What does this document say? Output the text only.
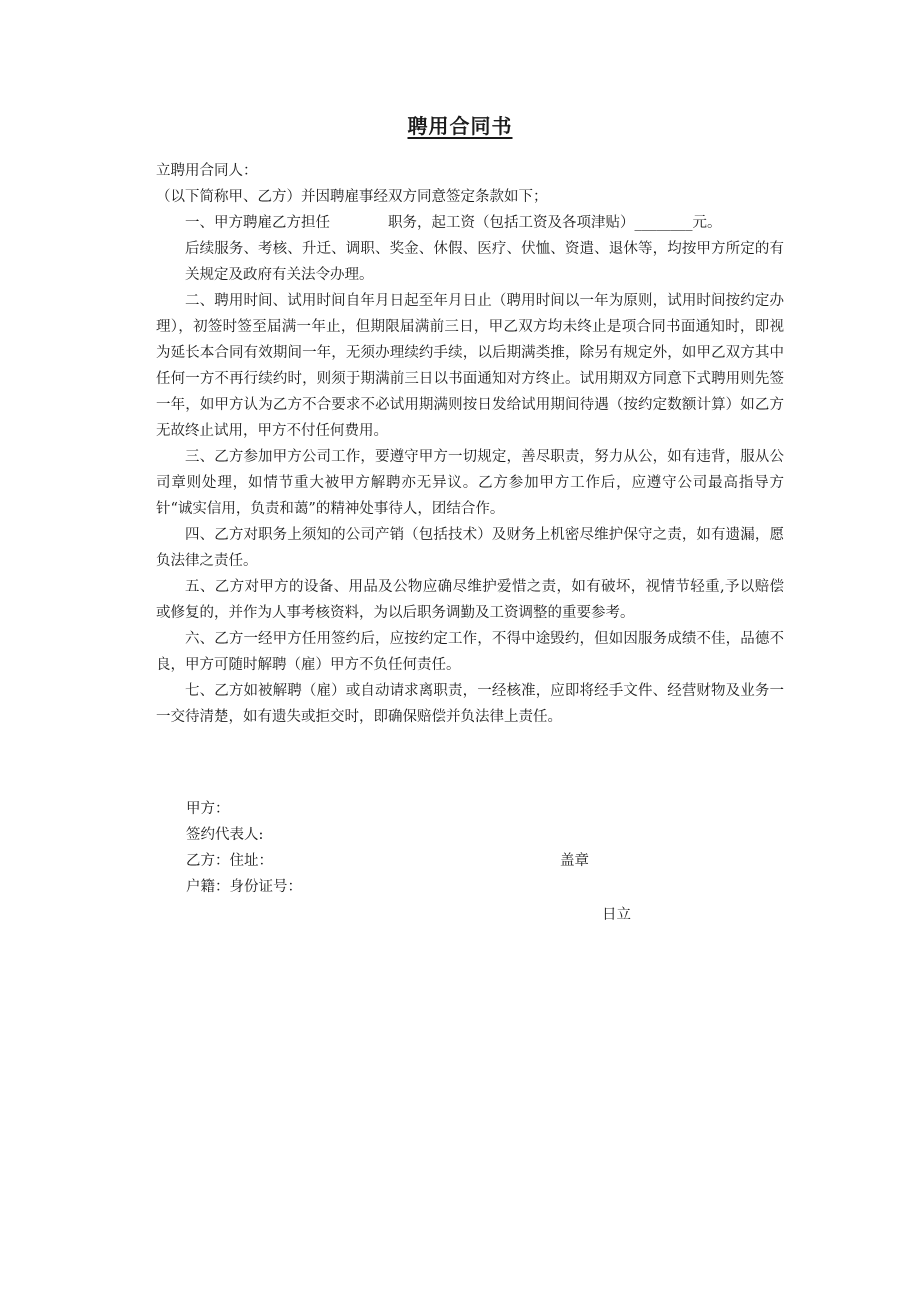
聘用合同书

立聘用合同人：

（以下简称甲、乙方）并因聘雇事经双方同意签定条款如下；

一、甲方聘雇乙方担任　　　　职务，起工资（包括工资及各项津贴）________元。

后续服务、考核、升迁、调职、奖金、休假、医疗、伏恤、资遣、退休等，均按甲方所定的有关规定及政府有关法令办理。

二、聘用时间、试用时间自年月日起至年月日止（聘用时间以一年为原则，试用时间按约定办理），初签时签至届满一年止，但期限届满前三日，甲乙双方均未终止是项合同书面通知时，即视为延长本合同有效期间一年，无须办理续约手续，以后期满类推，除另有规定外，如甲乙双方其中任何一方不再行续约时，则须于期满前三日以书面通知对方终止。试用期双方同意下式聘用则先签一年，如甲方认为乙方不合要求不必试用期满则按日发给试用期间待遇（按约定数额计算）如乙方无故终止试用，甲方不付任何费用。

三、乙方参加甲方公司工作，要遵守甲方一切规定，善尽职责，努力从公，如有违背，服从公司章则处理，如情节重大被甲方解聘亦无异议。乙方参加甲方工作后，应遵守公司最高指导方针“诚实信用，负责和蔼”的精神处事待人，团结合作。

四、乙方对职务上须知的公司产销（包括技术）及财务上机密尽维护保守之责，如有遗漏，愿负法律之责任。

五、乙方对甲方的设备、用品及公物应确尽维护爱惜之责，如有破坏，视情节轻重,予以赔偿或修复的，并作为人事考核资料，为以后职务调勤及工资调整的重要参考。

六、乙方一经甲方任用签约后，应按约定工作，不得中途毁约，但如因服务成绩不佳，品德不良，甲方可随时解聘（雇）甲方不负任何责任。

七、乙方如被解聘（雇）或自动请求离职责，一经核准，应即将经手文件、经营财物及业务一一交待清楚，如有遗失或拒交时，即确保赔偿并负法律上责任。

甲方：
签约代表人:
乙方：住址：	盖章
户籍：身份证号：
日立
